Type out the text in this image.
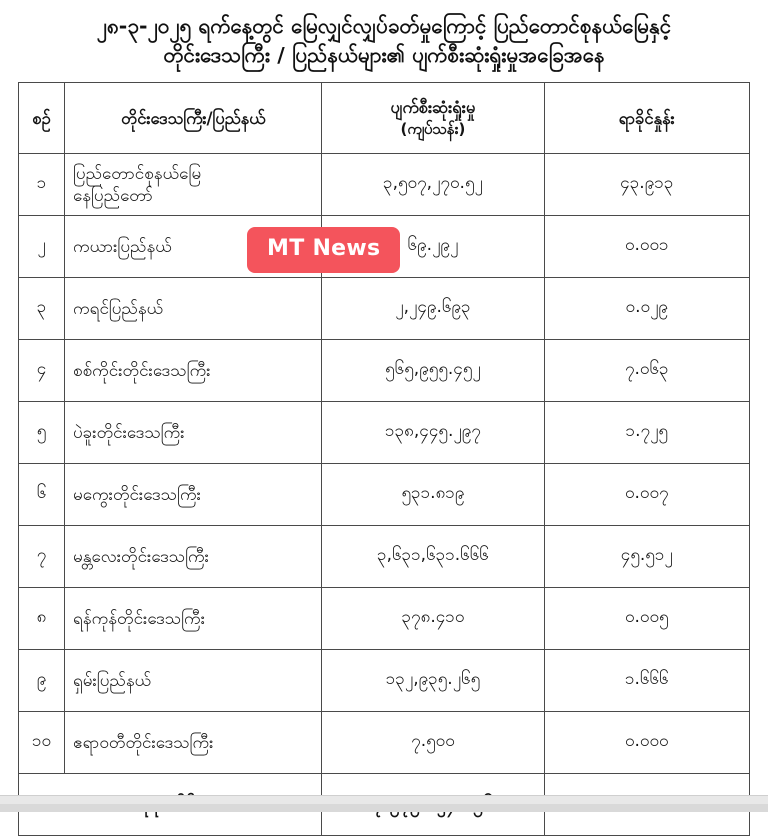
၂၈-၃-၂၀၂၅ ရက်နေ့တွင် မြေလျှင်လျှပ်ခတ်မှုကြောင့် ပြည်တောင်စုနယ်မြေနှင့်
တိုင်းဒေသကြီး / ပြည်နယ်များ၏ ပျက်စီးဆုံးရှုံးမှုအခြေအနေ
စဉ်	တိုင်းဒေသကြီး/ပြည်နယ်	ပျက်စီးဆုံးရှုံးမှု
(ကျပ်သန်း)	ရာခိုင်နှုန်း
၁	ပြည်တောင်စုနယ်မြေ
နေပြည်တော်	၃,၅၀၇,၂၇၀.၅၂	၄၃.၉၁၃
၂	ကယားပြည်နယ်	၆၉.၂၉၂	၀.၀၀၁
၃	ကရင်ပြည်နယ်	၂,၂၄၉.၆၉၃	၀.၀၂၉
၄	စစ်ကိုင်းတိုင်းဒေသကြီး	၅၆၅,၉၅၅.၄၅၂	၇.၀၆၃
၅	ပဲခူးတိုင်းဒေသကြီး	၁၃၈,၄၄၅.၂၉၇	၁.၇၂၅
၆	မကွေးတိုင်းဒေသကြီး	၅၃၁.၈၁၉	၀.၀၀၇
၇	မန္တလေးတိုင်းဒေသကြီး	၃,၆၃၁,၆၃၁.၆၆၆	၄၅.၅၁၂
၈	ရန်ကုန်တိုင်းဒေသကြီး	၃၇၈.၄၁၀	၀.၀၀၅
၉	ရှမ်းပြည်နယ်	၁၃၂,၉၃၅.၂၆၅	၁.၆၆၆
၁၀	ဧရာဝတီတိုင်းဒေသကြီး	၇.၅၀၀	၀.၀၀၀

MT News
